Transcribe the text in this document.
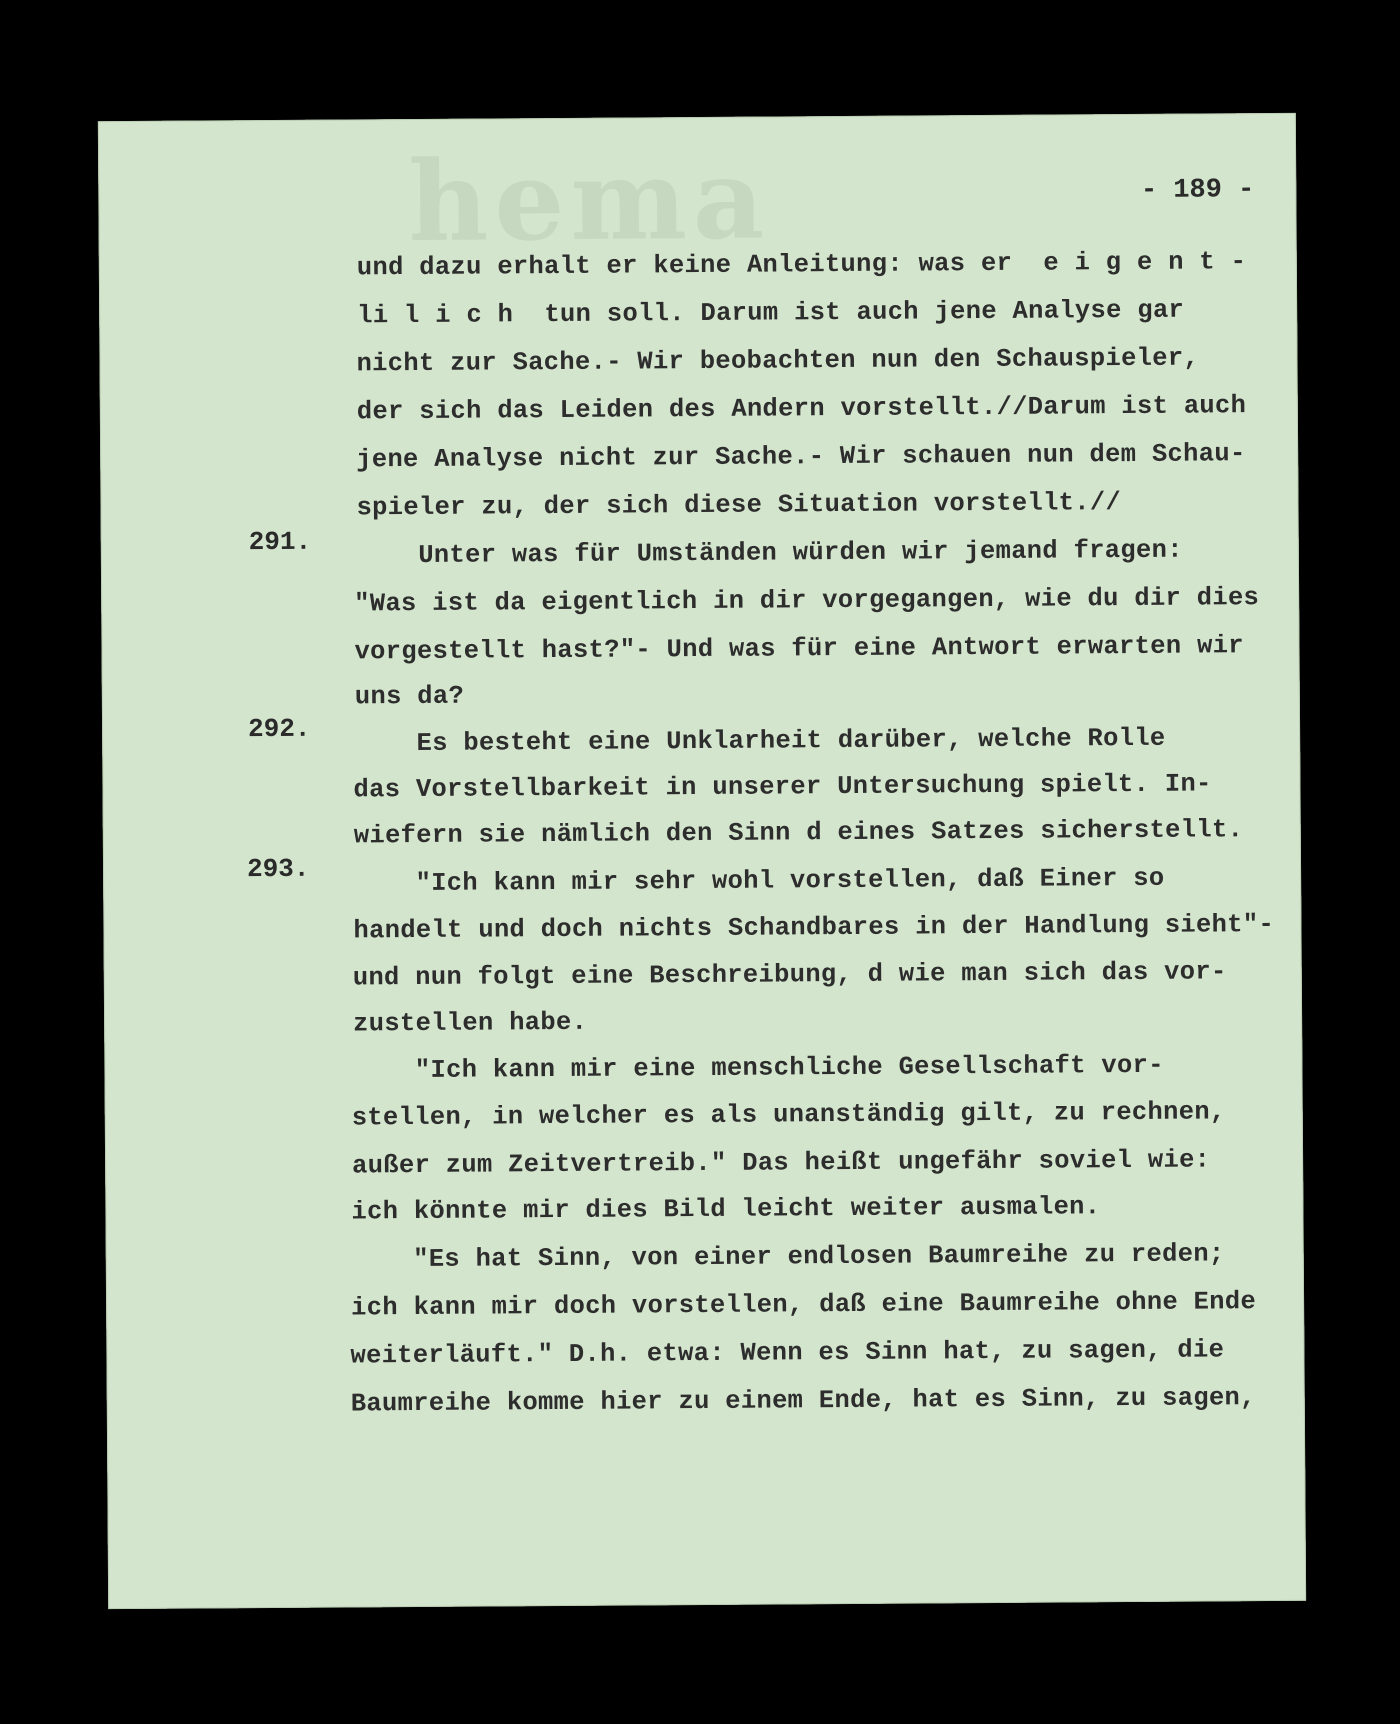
hema	- 189 -
291.
292.
293.
und dazu erhalt er keine Anleitung: was er  e i g e n t -
li l i c h  tun soll. Darum ist auch jene Analyse gar
nicht zur Sache.- Wir beobachten nun den Schauspieler,
der sich das Leiden des Andern vorstellt.//Darum ist auch
jene Analyse nicht zur Sache.- Wir schauen nun dem Schau-
spieler zu, der sich diese Situation vorstellt.//
Unter was für Umständen würden wir jemand fragen:
"Was ist da eigentlich in dir vorgegangen, wie du dir dies
vorgestellt hast?"- Und was für eine Antwort erwarten wir
uns da?
Es besteht eine Unklarheit darüber, welche Rolle
das Vorstellbarkeit in unserer Untersuchung spielt. In-
wiefern sie nämlich den Sinn d eines Satzes sicherstellt.
"Ich kann mir sehr wohl vorstellen, daß Einer so
handelt und doch nichts Schandbares in der Handlung sieht"-
und nun folgt eine Beschreibung, d wie man sich das vor-
zustellen habe.
"Ich kann mir eine menschliche Gesellschaft vor-
stellen, in welcher es als unanständig gilt, zu rechnen,
außer zum Zeitvertreib." Das heißt ungefähr soviel wie:
ich könnte mir dies Bild leicht weiter ausmalen.
"Es hat Sinn, von einer endlosen Baumreihe zu reden;
ich kann mir doch vorstellen, daß eine Baumreihe ohne Ende
weiterläuft." D.h. etwa: Wenn es Sinn hat, zu sagen, die
Baumreihe komme hier zu einem Ende, hat es Sinn, zu sagen,
